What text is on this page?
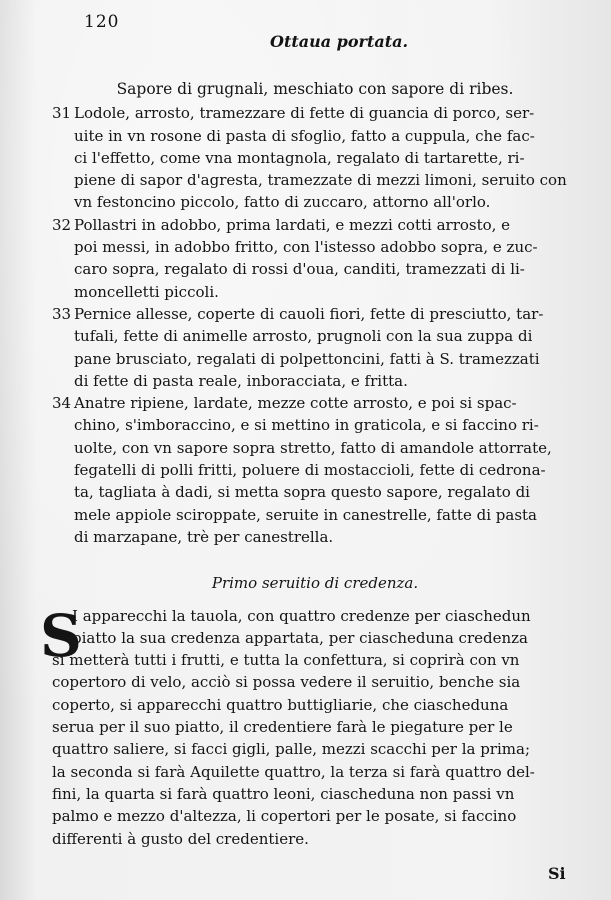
120
Ottaua portata.
Sapore di grugnali, meschiato con sapore di ribes.
31 Lodole, arrosto, tramezzare di fette di guancia di porco, ser-
uite in vn rosone di pasta di sfoglio, fatto a cuppula, che fac-
ci l'effetto, come vna montagnola, regalato di tartarette, ri-
piene di sapor d'agresta, tramezzate di mezzi limoni, seruito con
vn festoncino piccolo, fatto di zuccaro, attorno all'orlo.
32 Pollastri in adobbo, prima lardati, e mezzi cotti arrosto, e
poi messi, in adobbo fritto, con l'istesso adobbo sopra, e zuc-
caro sopra, regalato di rossi d'oua, canditi, tramezzati di li-
moncelletti piccoli.
33 Pernice allesse, coperte di cauoli fiori, fette di presciutto, tar-
tufali, fette di animelle arrosto, prugnoli con la sua zuppa di
pane brusciato, regalati di polpettoncini, fatti à S. tramezzati
di fette di pasta reale, inboracciata, e fritta.
34 Anatre ripiene, lardate, mezze cotte arrosto, e poi si spac-
chino, s'imboraccino, e si mettino in graticola, e si faccino ri-
uolte, con vn sapore sopra stretto, fatto di amandole attorrate,
fegatelli di polli fritti, poluere di mostaccioli, fette di cedrona-
ta, tagliata à dadi, si metta sopra questo sapore, regalato di
mele appiole sciroppate, seruite in canestrelle, fatte di pasta
di marzapane, trè per canestrella.
Primo seruitio di credenza.
S
I apparecchi la tauola, con quattro credenze per ciaschedun
piatto la sua credenza appartata, per ciascheduna credenza
si metterà tutti i frutti, e tutta la confettura, si coprirà con vn
copertoro di velo, acciò si possa vedere il seruitio, benche sia
coperto, si apparecchi quattro buttigliarie, che ciascheduna
serua per il suo piatto, il credentiere farà le piegature per le
quattro saliere, si facci gigli, palle, mezzi scacchi per la prima;
la seconda si farà Aquilette quattro, la terza si farà quattro del-
fini, la quarta si farà quattro leoni, ciascheduna non passi vn
palmo e mezzo d'altezza, li copertori per le posate, si faccino
differenti à gusto del credentiere.
Si
